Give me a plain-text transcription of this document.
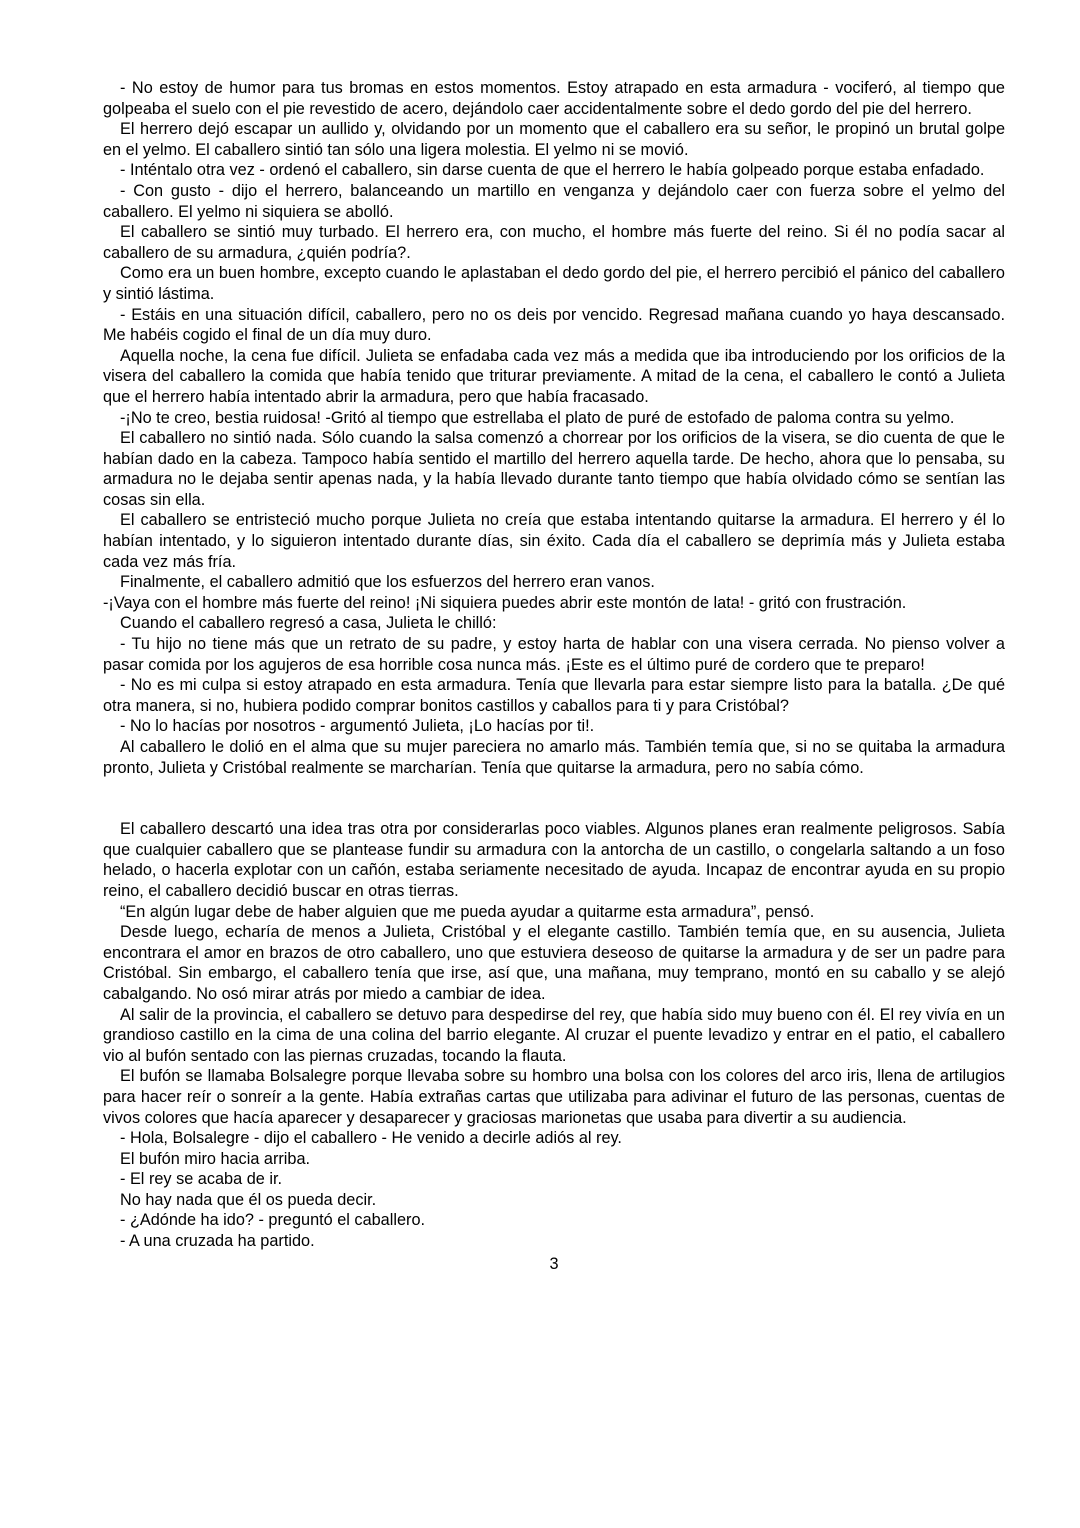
- No estoy de humor para tus bromas en estos momentos. Estoy atrapado en esta armadura - vociferó, al tiempo que golpeaba el suelo con el pie revestido de acero, dejándolo caer accidentalmente sobre el dedo gordo del pie del herrero.

El herrero dejó escapar un aullido y, olvidando por un momento que el caballero era su señor, le propinó un brutal golpe en el yelmo. El caballero sintió tan sólo una ligera molestia. El yelmo ni se movió.

- Inténtalo otra vez - ordenó el caballero, sin darse cuenta de que el herrero le había golpeado porque estaba enfadado.

- Con gusto - dijo el herrero, balanceando un martillo en venganza y dejándolo caer con fuerza sobre el yelmo del caballero. El yelmo ni siquiera se abolló.

El caballero se sintió muy turbado. El herrero era, con mucho, el hombre más fuerte del reino. Si él no podía sacar al caballero de su armadura, ¿quién podría?.

Como era un buen hombre, excepto cuando le aplastaban el dedo gordo del pie, el herrero percibió el pánico del caballero y sintió lástima.

- Estáis en una situación difícil, caballero, pero no os deis por vencido. Regresad mañana cuando yo haya descansado. Me habéis cogido el final de un día muy duro.

Aquella noche, la cena fue difícil. Julieta se enfadaba cada vez más a medida que iba introduciendo por los orificios de la visera del caballero la comida que había tenido que triturar previamente. A mitad de la cena, el caballero le contó a Julieta que el herrero había intentado abrir la armadura, pero que había fracasado.

-¡No te creo, bestia ruidosa! -Gritó al tiempo que estrellaba el plato de puré de estofado de paloma contra su yelmo.

El caballero no sintió nada. Sólo cuando la salsa comenzó a chorrear por los orificios de la visera, se dio cuenta de que le habían dado en la cabeza. Tampoco había sentido el martillo del herrero aquella tarde. De hecho, ahora que lo pensaba, su armadura no le dejaba sentir apenas nada, y la había llevado durante tanto tiempo que había olvidado cómo se sentían las cosas sin ella.

El caballero se entristeció mucho porque Julieta no creía que estaba intentando quitarse la armadura. El herrero y él lo habían intentado, y lo siguieron intentado durante días, sin éxito. Cada día el caballero se deprimía más y Julieta estaba cada vez más fría.

Finalmente, el caballero admitió que los esfuerzos del herrero eran vanos.

-¡Vaya con el hombre más fuerte del reino! ¡Ni siquiera puedes abrir este montón de lata! - gritó con frustración.

Cuando el caballero regresó a casa, Julieta le chilló:

- Tu hijo no tiene más que un retrato de su padre, y estoy harta de hablar con una visera cerrada. No pienso volver a pasar comida por los agujeros de esa horrible cosa nunca más. ¡Este es el último puré de cordero que te preparo!

- No es mi culpa si estoy atrapado en esta armadura. Tenía que llevarla para estar siempre listo para la batalla. ¿De qué otra manera, si no, hubiera podido comprar bonitos castillos y caballos para ti y para Cristóbal?

- No lo hacías por nosotros - argumentó Julieta, ¡Lo hacías por ti!.

Al caballero le dolió en el alma que su mujer pareciera no amarlo más. También temía que, si no se quitaba la armadura pronto, Julieta y Cristóbal realmente se marcharían. Tenía que quitarse la armadura, pero no sabía cómo.

El caballero descartó una idea tras otra por considerarlas poco viables. Algunos planes eran realmente peligrosos. Sabía que cualquier caballero que se plantease fundir su armadura con la antorcha de un castillo, o congelarla saltando a un foso helado, o hacerla explotar con un cañón, estaba seriamente necesitado de ayuda. Incapaz de encontrar ayuda en su propio reino, el caballero decidió buscar en otras tierras.

“En algún lugar debe de haber alguien que me pueda ayudar a quitarme esta armadura”, pensó.

Desde luego, echaría de menos a Julieta, Cristóbal y el elegante castillo. También temía que, en su ausencia, Julieta encontrara el amor en brazos de otro caballero, uno que estuviera deseoso de quitarse la armadura y de ser un padre para Cristóbal. Sin embargo, el caballero tenía que irse, así que, una mañana, muy temprano, montó en su caballo y se alejó cabalgando. No osó mirar atrás por miedo a cambiar de idea.

Al salir de la provincia, el caballero se detuvo para despedirse del rey, que había sido muy bueno con él. El rey vivía en un grandioso castillo en la cima de una colina del barrio elegante. Al cruzar el puente levadizo y entrar en el patio, el caballero vio al bufón sentado con las piernas cruzadas, tocando la flauta.

El bufón se llamaba Bolsalegre porque llevaba sobre su hombro una bolsa con los colores del arco iris, llena de artilugios para hacer reír o sonreír a la gente. Había extrañas cartas que utilizaba para adivinar el futuro de las personas, cuentas de vivos colores que hacía aparecer y desaparecer y graciosas marionetas que usaba para divertir a su audiencia.

- Hola, Bolsalegre - dijo el caballero - He venido a decirle adiós al rey.

El bufón miro hacia arriba.

- El rey se acaba de ir.

No hay nada que él os pueda decir.

- ¿Adónde ha ido? - preguntó el caballero.

- A una cruzada ha partido.

3
